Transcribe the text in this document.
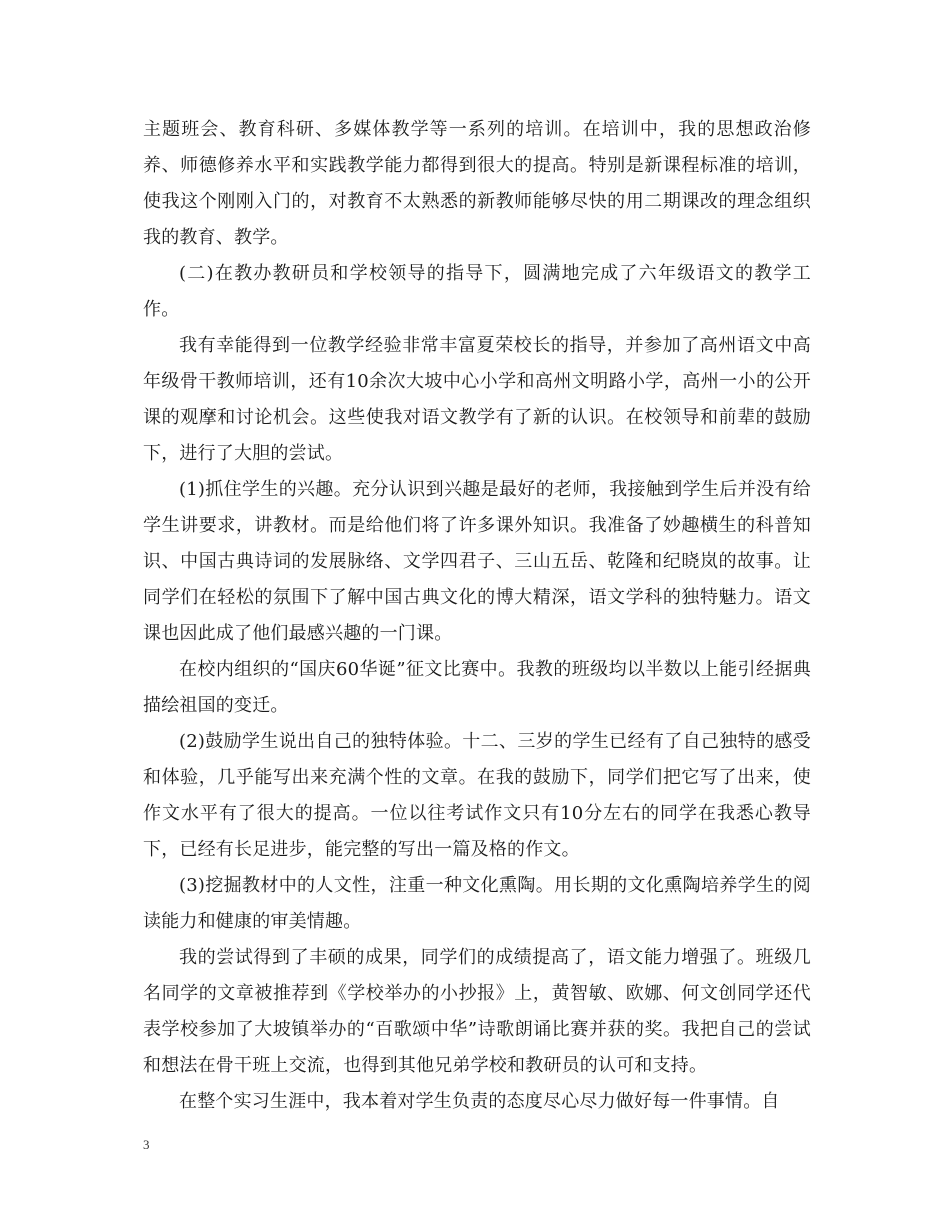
主题班会、教育科研、多媒体教学等一系列的培训。在培训中，我的思想政治修养、师德修养水平和实践教学能力都得到很大的提高。特别是新课程标准的培训，使我这个刚刚入门的，对教育不太熟悉的新教师能够尽快的用二期课改的理念组织我的教育、教学。

(二)在教办教研员和学校领导的指导下，圆满地完成了六年级语文的教学工作。

我有幸能得到一位教学经验非常丰富夏荣校长的指导，并参加了高州语文中高年级骨干教师培训，还有10余次大坡中心小学和高州文明路小学，高州一小的公开课的观摩和讨论机会。这些使我对语文教学有了新的认识。在校领导和前辈的鼓励下，进行了大胆的尝试。

(1)抓住学生的兴趣。充分认识到兴趣是最好的老师，我接触到学生后并没有给学生讲要求，讲教材。而是给他们将了许多课外知识。我准备了妙趣横生的科普知识、中国古典诗词的发展脉络、文学四君子、三山五岳、乾隆和纪晓岚的故事。让同学们在轻松的氛围下了解中国古典文化的博大精深，语文学科的独特魅力。语文课也因此成了他们最感兴趣的一门课。

在校内组织的“国庆60华诞”征文比赛中。我教的班级均以半数以上能引经据典描绘祖国的变迁。

(2)鼓励学生说出自己的独特体验。十二、三岁的学生已经有了自己独特的感受和体验，几乎能写出来充满个性的文章。在我的鼓励下，同学们把它写了出来，使作文水平有了很大的提高。一位以往考试作文只有10分左右的同学在我悉心教导下，已经有长足进步，能完整的写出一篇及格的作文。

(3)挖掘教材中的人文性，注重一种文化熏陶。用长期的文化熏陶培养学生的阅读能力和健康的审美情趣。

我的尝试得到了丰硕的成果，同学们的成绩提高了，语文能力增强了。班级几名同学的文章被推荐到《学校举办的小抄报》上，黄智敏、欧娜、何文创同学还代表学校参加了大坡镇举办的“百歌颂中华”诗歌朗诵比赛并获的奖。我把自己的尝试和想法在骨干班上交流，也得到其他兄弟学校和教研员的认可和支持。

在整个实习生涯中，我本着对学生负责的态度尽心尽力做好每一件事情。自

3
